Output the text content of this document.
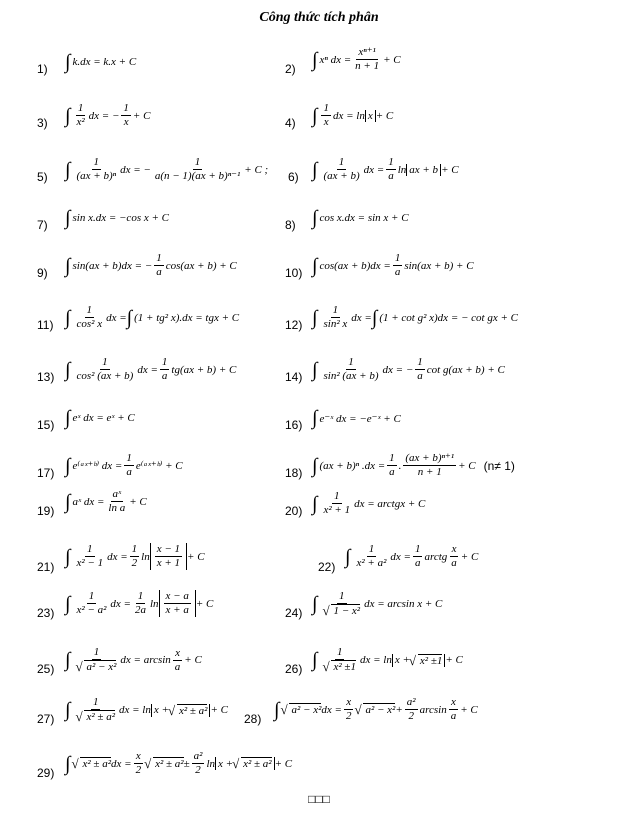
Công thức tích phân
1) ∫ k.dx = k.x + C	2) ∫ xⁿ dx = $\frac{\text{xⁿ⁺¹}}{n + 1} + C$
3) ∫ $\frac{1}{\text{x²}}$ dx = − $\frac{1}{x} + C$
4) ∫ $\frac{1}{x}$ dx = ln x + C
5) ∫ $\frac{1}{\text{(ax + b)ⁿ}}$ dx = − $\frac{1}{\text{a(n − 1)(ax + b)ⁿ⁻¹}} + C$ ;
6) ∫ $\frac{1}{(ax + b)}$ dx = $\frac{1}{a}$ ln ax + b + C
7) ∫ sin x.dx = −cos x + C	8) ∫ cos x.dx = sin x + C
9) ∫ sin(ax + b)dx = − $\frac{1}{a} \cos(ax + b) + C$
10) ∫ $\cos(ax + b)dx = \frac{1}{a} \sin(ax + b) + C$
11) ∫ $\frac{1}{\text{cos² x}}$ dx = ∫ (1 + tg² x).dx = tgx + C
12) ∫ $\frac{1}{\text{sin² x}}$ dx = ∫ (1 + cot g² x)dx = − cot gx + C
13) ∫ $\frac{1}{\text{cos² (ax + b)}}$ dx = $\frac{1}{a} tg(ax + b) + C$
14) ∫ $\frac{1}{\text{sin² (ax + b)}}$ dx = − $\frac{1}{a}$ cot g(ax + b) + C
15) ∫ eˣ dx = eˣ + C	16) ∫ e⁻ˣ dx = −e⁻ˣ + C
17) ∫ e⁽ᵃˣ⁺ᵇ⁾ dx = $\frac{1}{a}$ e⁽ᵃˣ⁺ᵇ⁾ + C	18) ∫ (ax + b)ⁿ $.dx = \frac{1}{a}$ . $\frac{\text{(ax + b)ⁿ⁺¹}}{n + 1} + C$ (n≠ 1)
19) ∫ aˣ dx = $\frac{\text{aˣ}}{\text{ln a}} + C$
20) ∫ $\frac{1}{\text{x² + 1}}$ dx = arctgx + C
21) ∫ $\frac{1}{\text{x² − 1}}$ dx = $\frac{1}{2}$ $\ln \frac{x - 1}{x + 1} + C$
22) ∫ $\frac{1}{\text{x² + a²}}$ dx = $\frac{1}{a}$ arctg $\frac{x}{a} + C$
23) ∫ $\frac{1}{\text{x² − a²}}$ dx = $\frac{1}{2a}$ $\ln \frac{x - a}{x + a} + C$
24) ∫ 1
√ 1 − x² dx = arcsin x + C
25) ∫ 1
√ a² − x² dx = $\arcsin \frac{x}{a} + C$
26) ∫ 1
√ x² ±1 dx = ln x + √ x² ±1 + C
27) ∫ 1
√ x² ± a² dx = ln x + √ x² ± a² + C
28) ∫ √ a² − x² dx = $\frac{x}{2}$ √ $a^2 - x^2 + \frac{\text{a²}}{2}$ $\arcsin \frac{x}{a} + C$
29) ∫ √ x² ± a² dx = $\frac{x}{2}$ √ $x^2 \pm a^2 \pm \frac{\text{a²}}{2}$ ln x + √ x² ± a² + C
□□□
